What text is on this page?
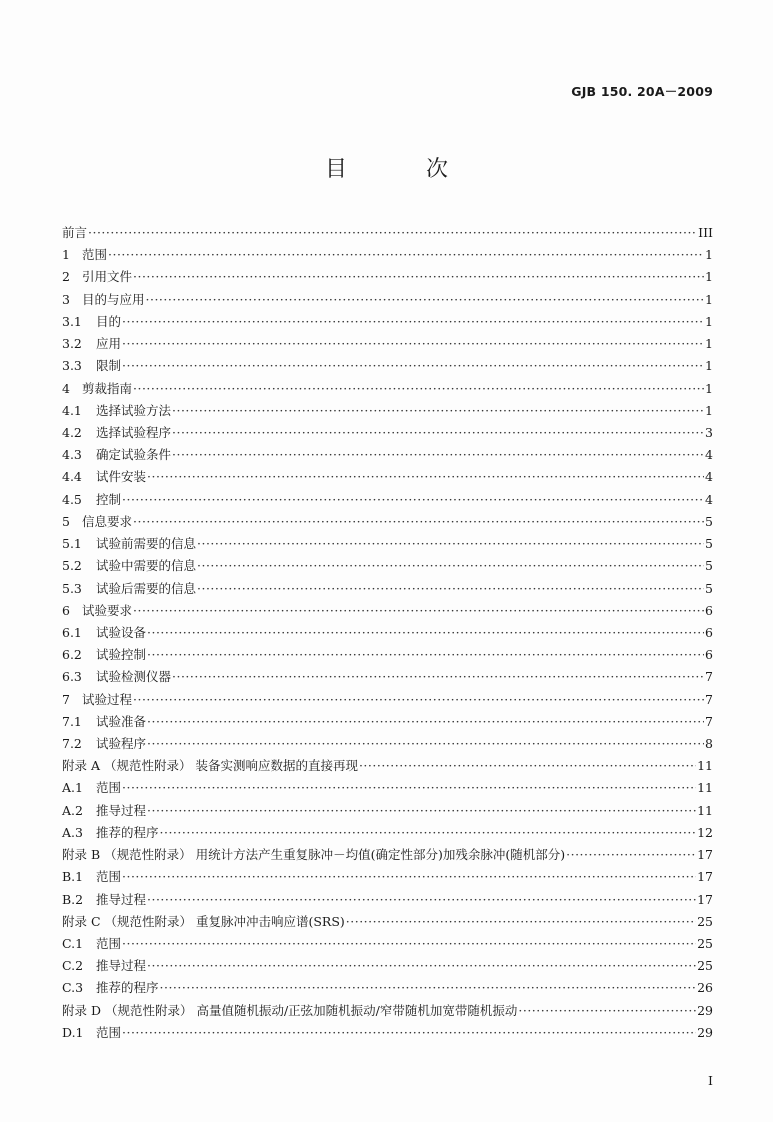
GJB 150. 20A－2009
目 次
前言 ·····	III
1 范围 ·····	1
2 引用文件 ·····	1
3 目的与应用 ·····	1
3.1	目的 ·····	1
3.2	应用 ·····	1
3.3	限制 ·····	1
4 剪裁指南 ·····	1
4.1	选择试验方法 ·····	1
4.2	选择试验程序 ·····	3
4.3	确定试验条件 ·····	4
4.4	试件安装 ·····	4
4.5	控制 ·····	4
5 信息要求 ·····	5
5.1	试验前需要的信息 ·····	5
5.2	试验中需要的信息 ·····	5
5.3	试验后需要的信息 ·····	5
6 试验要求 ·····	6
6.1	试验设备 ·····	6
6.2	试验控制 ·····	6
6.3	试验检测仪器 ·····	7
7 试验过程 ·····	7
7.1	试验准备 ·····	7
7.2	试验程序 ·····	8
附录 A （规范性附录） 装备实测响应数据的直接再现 ·····	11
A.1	范围 ·····	11
A.2	推导过程 ·····	11
A.3	推荐的程序 ·····	12
附录 B （规范性附录） 用统计方法产生重复脉冲－均值(确定性部分)加残余脉冲(随机部分) ·····	17
B.1	范围 ·····	17
B.2	推导过程 ·····	17
附录 C （规范性附录） 重复脉冲冲击响应谱(SRS) ·····	25
C.1	范围 ·····	25
C.2	推导过程 ·····	25
C.3	推荐的程序 ·····	26
附录 D （规范性附录） 高量值随机振动/正弦加随机振动/窄带随机加宽带随机振动 ·····	29
D.1 范围 ·····	29
I
